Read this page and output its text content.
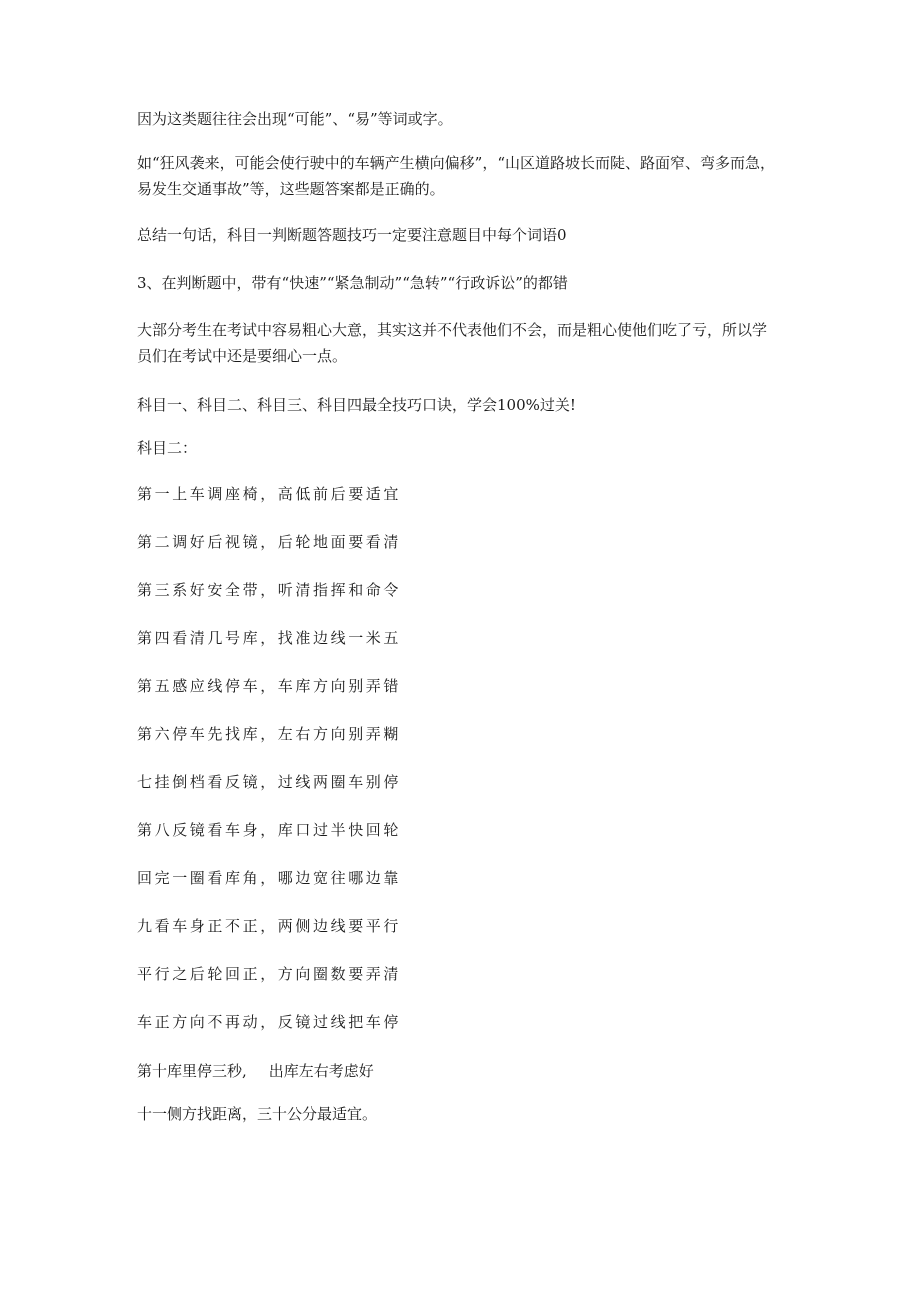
因为这类题往往会出现“可能”、“易”等词或字。

如“狂风袭来，可能会使行驶中的车辆产生横向偏移”，“山区道路坡长而陡、路面窄、弯多而急，易发生交通事故”等，这些题答案都是正确的。

总结一句话，科目一判断题答题技巧一定要注意题目中每个词语0

3、在判断题中，带有“快速”“紧急制动”“急转”“行政诉讼”的都错

大部分考生在考试中容易粗心大意，其实这并不代表他们不会，而是粗心使他们吃了亏，所以学员们在考试中还是要细心一点。

科目一、科目二、科目三、科目四最全技巧口诀，学会100%过关!

科目二：

第一上车调座椅，高低前后要适宜

第二调好后视镜，后轮地面要看清

第三系好安全带，听清指挥和命令

第四看清几号库，找准边线一米五

第五感应线停车，车库方向别弄错

第六停车先找库，左右方向别弄糊

七挂倒档看反镜，过线两圈车别停

第八反镜看车身，库口过半快回轮

回完一圈看库角，哪边宽往哪边靠

九看车身正不正，两侧边线要平行

平行之后轮回正，方向圈数要弄清

车正方向不再动，反镜过线把车停

第十库里停三秒, 出库左右考虑好

十一侧方找距离，三十公分最适宜。
